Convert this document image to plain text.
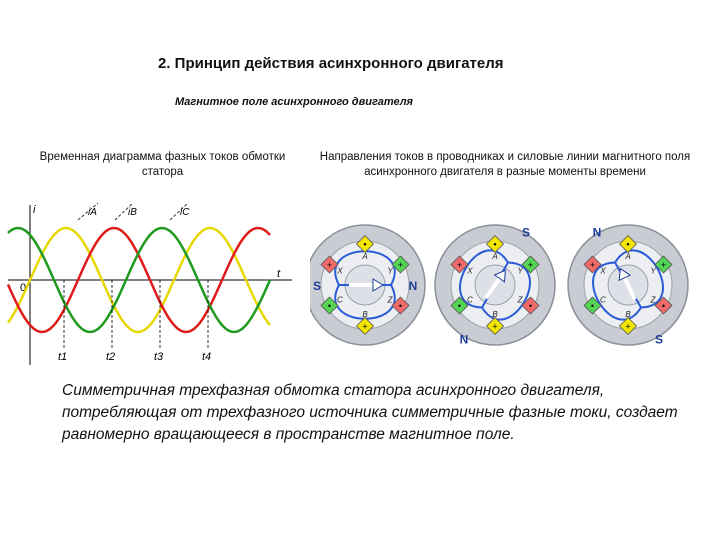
2. Принцип действия асинхронного двигателя
Магнитное поле асинхронного двигателя
Временная диаграмма фазных токов обмотки статора
Направления токов в проводниках и силовые линии магнитного поля асинхронного двигателя в разные моменты времени
i
t
0
iA	iB	iC
t1	t2	t3	t4
•
A
+
Y
•
Z
+
B
•
C
+
X
S	N
•
A
+
Y
•
Z
+
B
•
C
+
X
S
N
•
A
+
Y
•
Z
+
B
•
C
+
X
N
S
Симметричная трехфазная обмотка статора асинхронного двигателя, потребляющая от трехфазного источника симметричные фазные токи, создает равномерно вращающееся в пространстве магнитное поле.
